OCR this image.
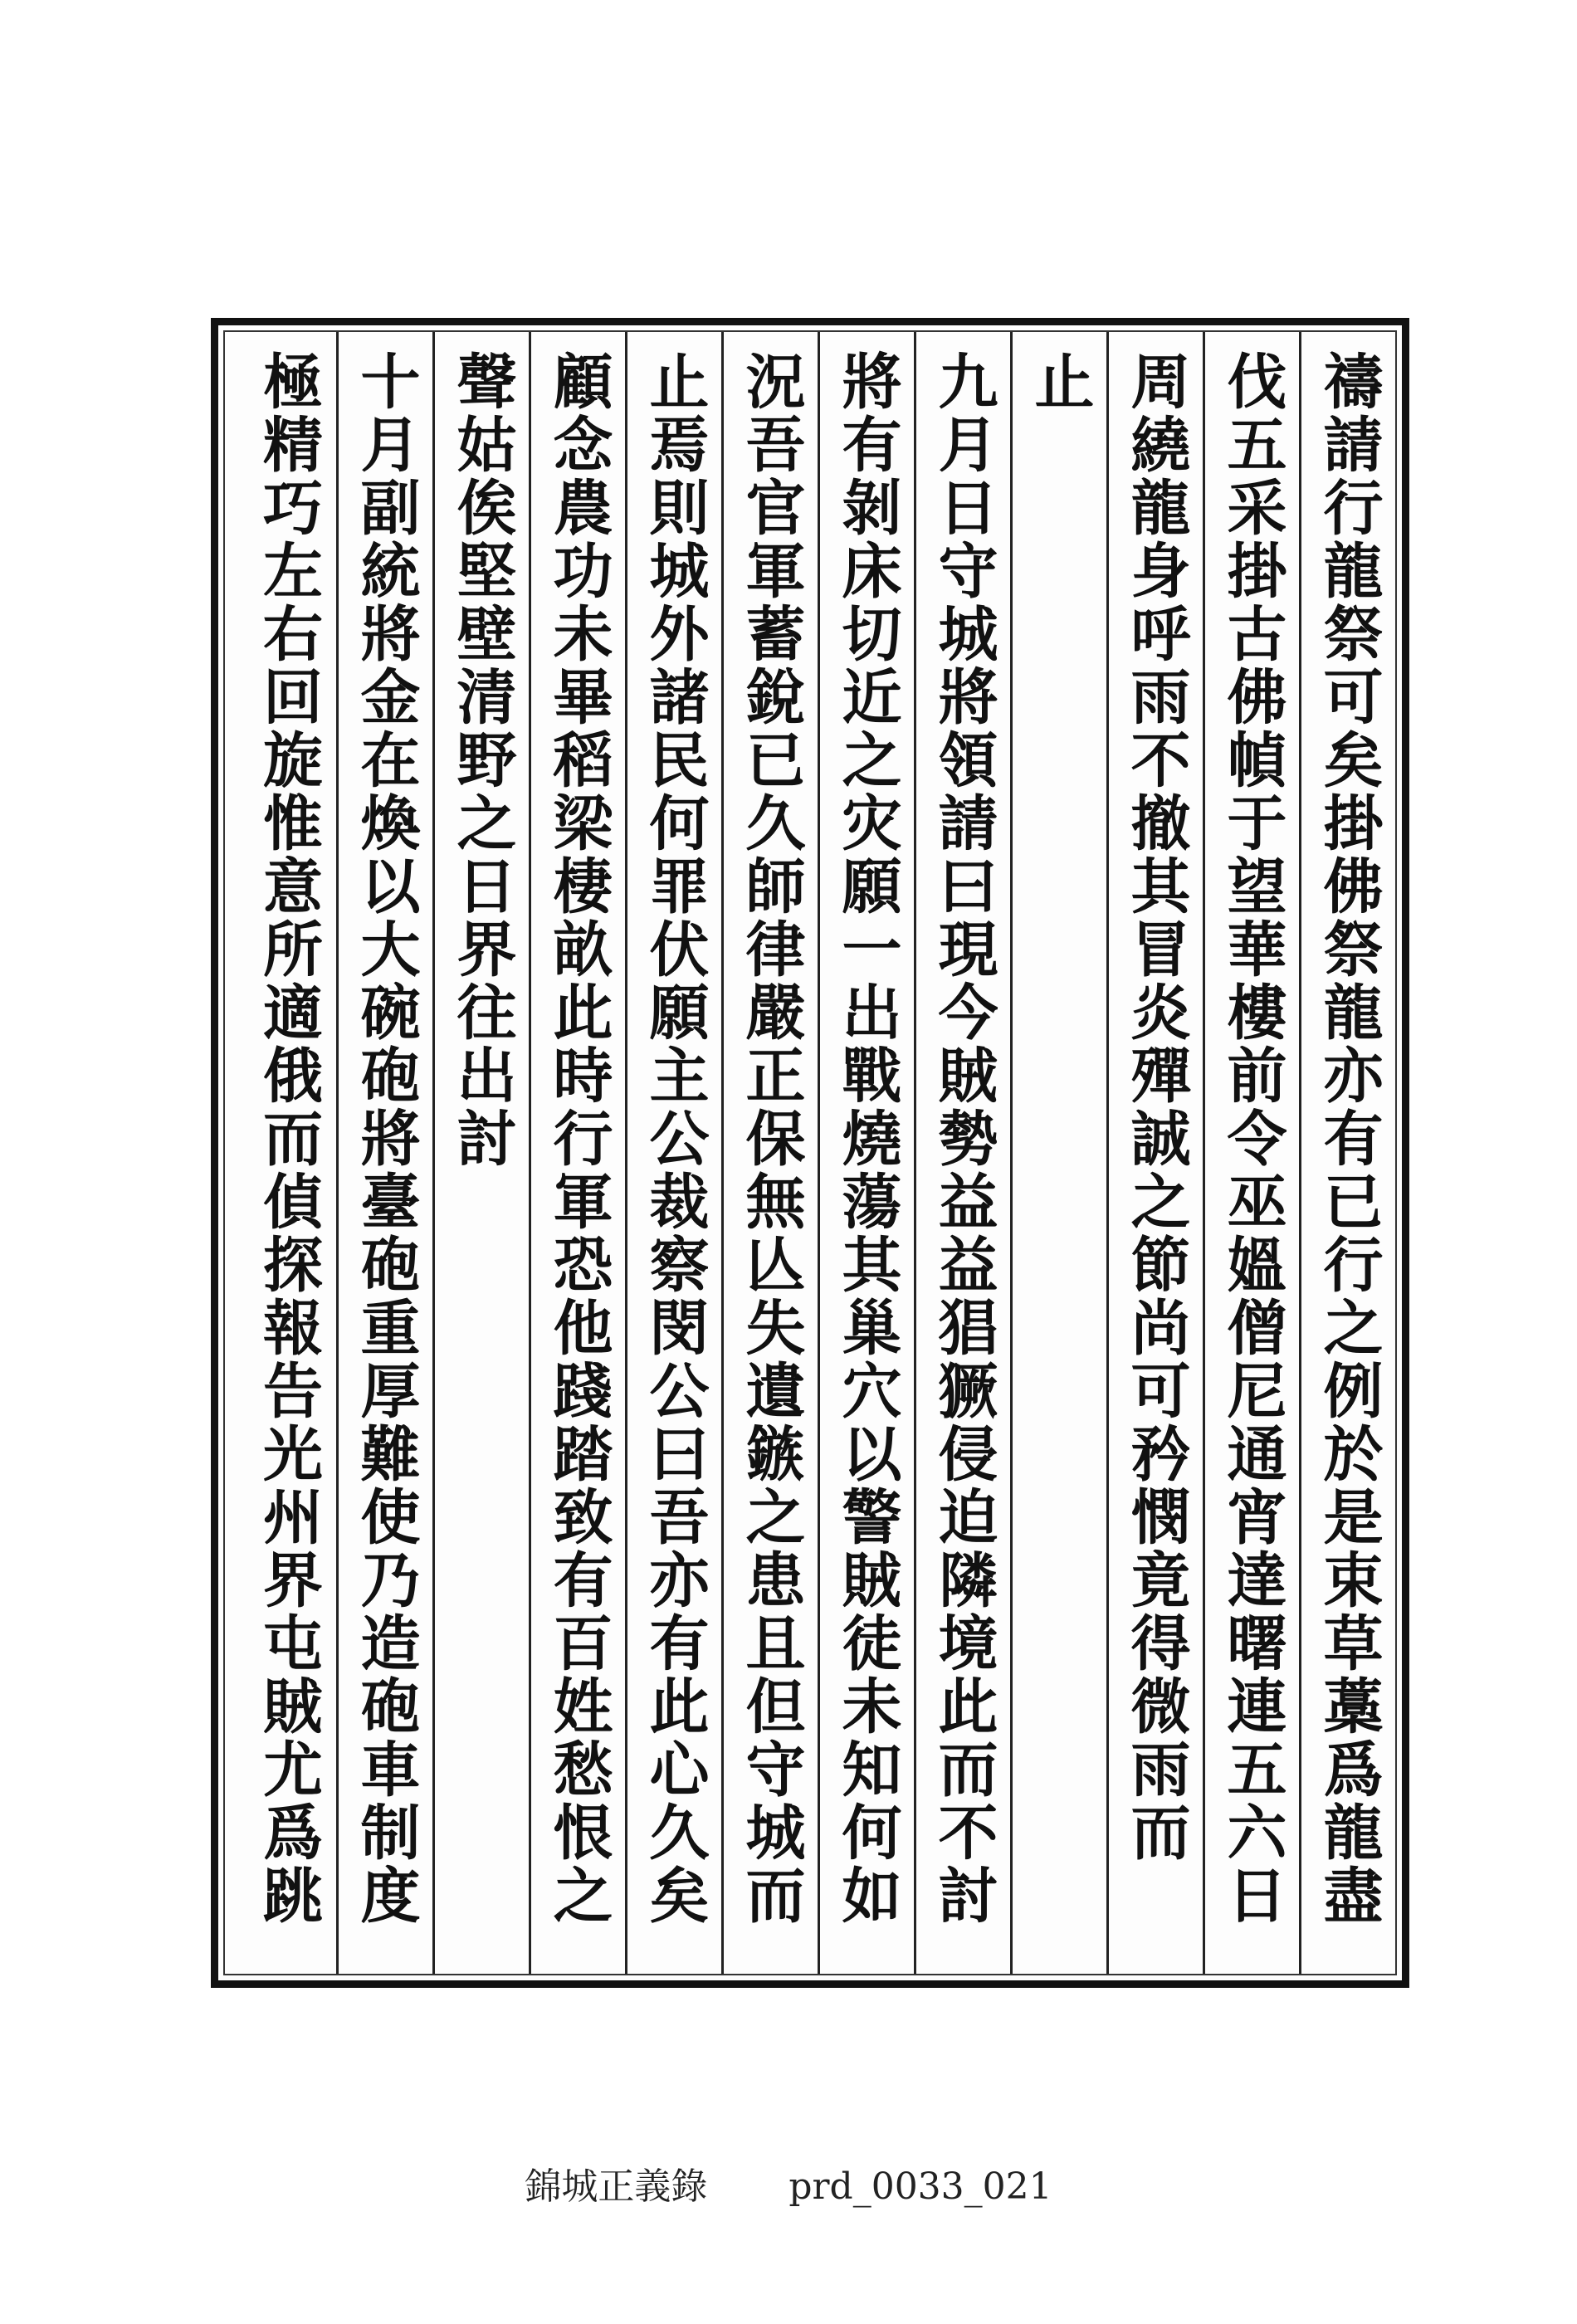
禱請行龍祭可矣掛佛祭龍亦有已行之例於是束草藁爲龍盡
伐五采掛古佛幀于望華樓前令巫媼僧尼通宵達曙連五六日
周繞龍身呼雨不撤其冒炎殫誠之節尚可矜憫竟得微雨而
止
九月日守城將領請曰現今賊勢益益猖獗侵迫隣境此而不討
將有剝床切近之灾願一出戰燒蕩其巢穴以警賊徒未知何如
況吾官軍蓄銳已久師律嚴正保無亾失遺鏃之患且但守城而
止焉則城外諸民何罪伏願主公裁察閔公曰吾亦有此心久矣
顧念農功未畢稻梁棲畝此時行軍恐他踐踏致有百姓愁恨之
聲姑俟堅壁清野之日界往出討
十月副統將金在煥以大碗砲將臺砲重厚難使乃造砲車制度
極精巧左右回旋惟意所適俄而偵探報告光州界屯賊尤爲跳
錦城正義錄 prd_0033_021
